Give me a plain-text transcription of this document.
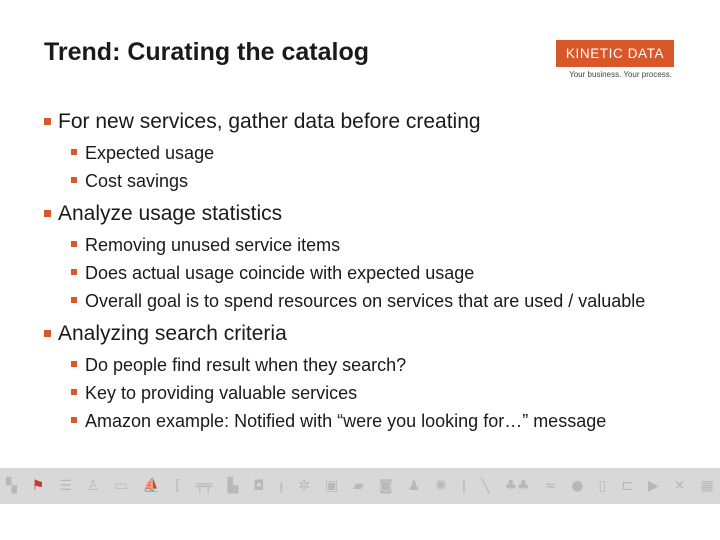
Trend: Curating the catalog	KINETIC DATA
Your business. Your process.
For new services, gather data before creating
Expected usage
Cost savings
Analyze usage statistics
Removing unused service items
Does actual usage coincide with expected usage
Overall goal is to spend resources on services that are used / valuable
Analyzing search criteria
Do people find result when they search?
Key to providing valuable services
Amazon example: Notified with “were you looking for…” message
▚ ⚑ ☰ ♙ ▭ ⛵ [ ╤╤ ▙ ◘ ɟ ✲ ▣ ▰ ◙ ♟ ✺ ǀ ╲ ♣♣ ≈ ● ▯ ⊏ ▶ ✕ ▦
